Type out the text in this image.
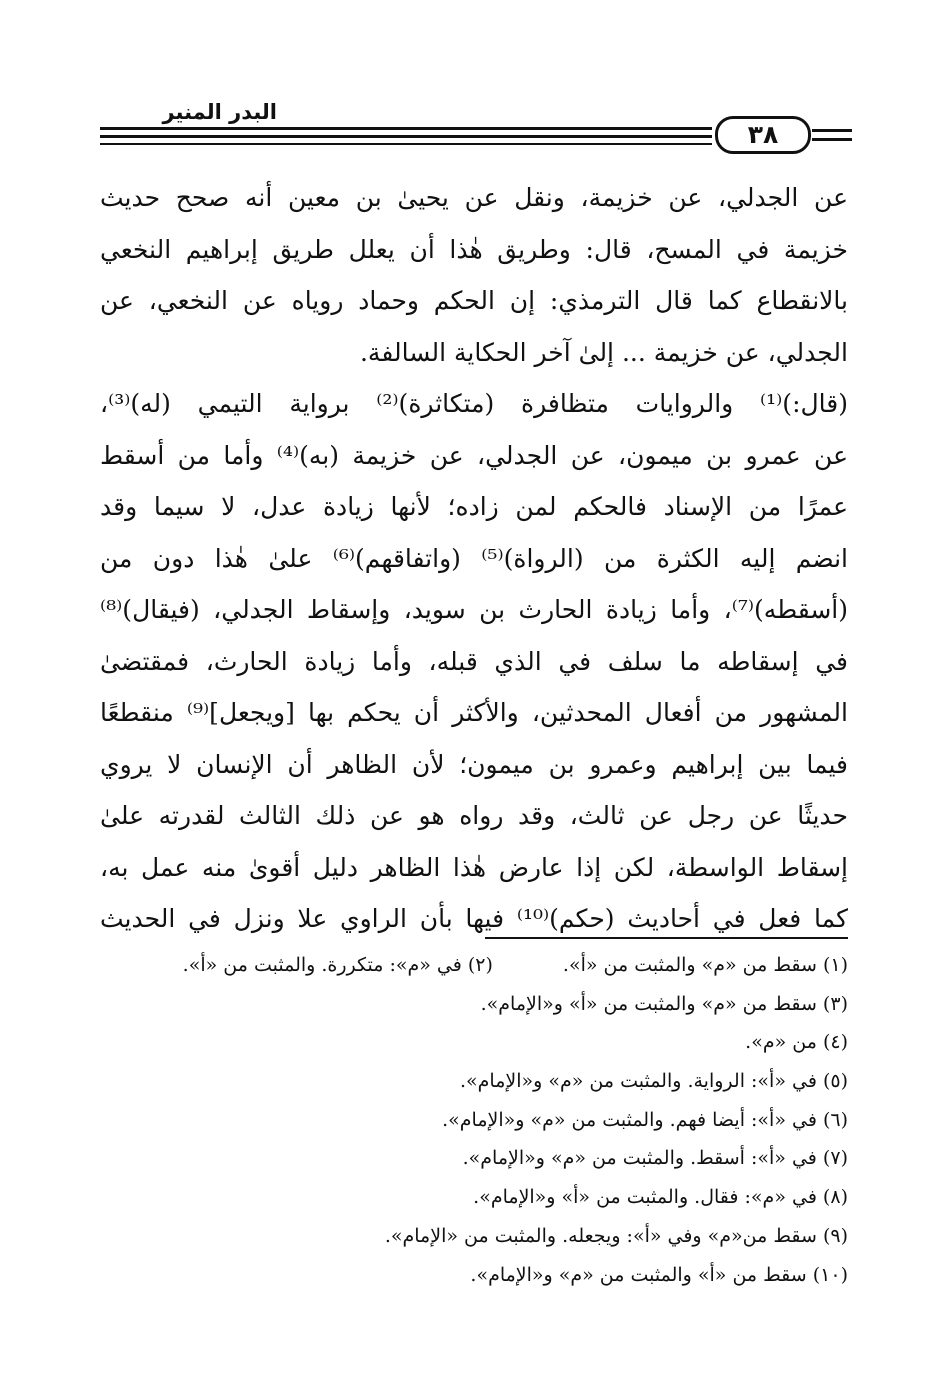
البدر المنير
٣٨
عن الجدلي، عن خزيمة، ونقل عن يحيىٰ بن معين أنه صحح حديث
خزيمة في المسح، قال: وطريق هٰذا أن يعلل طريق إبراهيم النخعي
بالانقطاع كما قال الترمذي: إن الحكم وحماد روياه عن النخعي، عن
الجدلي، عن خزيمة ... إلىٰ آخر الحكاية السالفة.
(قال:)⁽¹⁾ والروايات متظافرة (متكاثرة)⁽²⁾ برواية التيمي (له)⁽³⁾،
عن عمرو بن ميمون، عن الجدلي، عن خزيمة (به)⁽⁴⁾ وأما من أسقط
عمرًا من الإسناد فالحكم لمن زاده؛ لأنها زيادة عدل، لا سيما وقد
انضم إليه الكثرة من (الرواة)⁽⁵⁾ (واتفاقهم)⁽⁶⁾ علىٰ هٰذا دون من
(أسقطه)⁽⁷⁾، وأما زيادة الحارث بن سويد، وإسقاط الجدلي، (فيقال)⁽⁸⁾
في إسقاطه ما سلف في الذي قبله، وأما زيادة الحارث، فمقتضىٰ
المشهور من أفعال المحدثين، والأكثر أن يحكم بها [ويجعل]⁽⁹⁾ منقطعًا
فيما بين إبراهيم وعمرو بن ميمون؛ لأن الظاهر أن الإنسان لا يروي
حديثًا عن رجل عن ثالث، وقد رواه هو عن ذلك الثالث لقدرته علىٰ
إسقاط الواسطة، لكن إذا عارض هٰذا الظاهر دليل أقوىٰ منه عمل به،
كما فعل في أحاديث (حكم)⁽¹⁰⁾ فيها بأن الراوي علا ونزل في الحديث
(١) سقط من «م» والمثبت من «أ».
(٢) في «م»: متكررة. والمثبت من «أ».
(٣) سقط من «م» والمثبت من «أ» و«الإمام».
(٤) من «م».
(٥) في «أ»: الرواية. والمثبت من «م» و«الإمام».
(٦) في «أ»: أيضا فهم. والمثبت من «م» و«الإمام».
(٧) في «أ»: أسقط. والمثبت من «م» و«الإمام».
(٨) في «م»: فقال. والمثبت من «أ» و«الإمام».
(٩) سقط من«م» وفي «أ»: ويجعله. والمثبت من «الإمام».
(١٠) سقط من «أ» والمثبت من «م» و«الإمام».
